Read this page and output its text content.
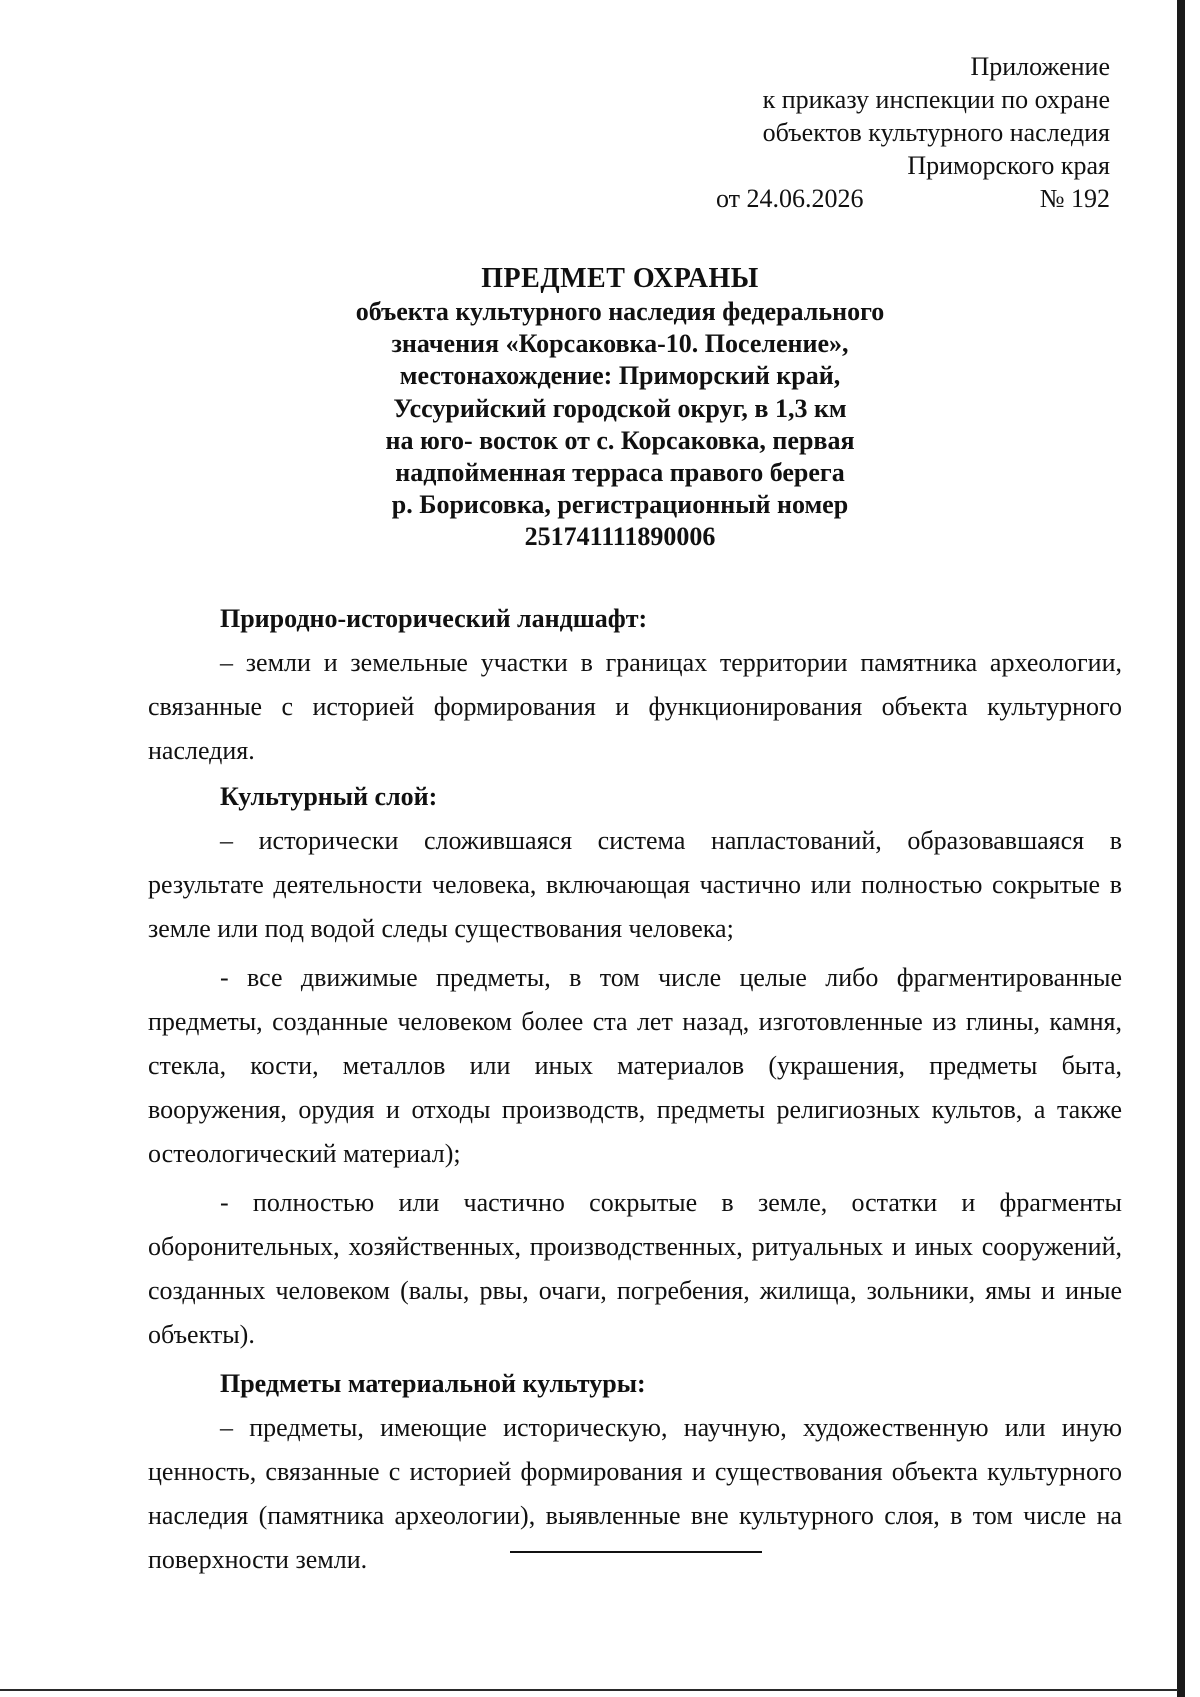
Приложение
к приказу инспекции по охране
объектов культурного наследия
Приморского края
от 24.06.2026	№ 192
ПРЕДМЕТ ОХРАНЫ
объекта культурного наследия федерального
значения «Корсаковка-10. Поселение»,
местонахождение: Приморский край,
Уссурийский городской округ, в 1,3 км
на юго- восток от с. Корсаковка, первая
надпойменная терраса правого берега
р. Борисовка, регистрационный номер
251741111890006
Природно-исторический ландшафт:

– земли и земельные участки в границах территории памятника археологии, связанные с историей формирования и функционирования объекта культурного наследия.

Культурный слой:

– исторически сложившаяся система напластований, образовавшаяся в результате деятельности человека, включающая частично или полностью сокрытые в земле или под водой следы существования человека;

- все движимые предметы, в том числе целые либо фрагментированные предметы, созданные человеком более ста лет назад, изготовленные из глины, камня, стекла, кости, металлов или иных материалов (украшения, предметы быта, вооружения, орудия и отходы производств, предметы религиозных культов, а также остеологический материал);

- полностью или частично сокрытые в земле, остатки и фрагменты оборонительных, хозяйственных, производственных, ритуальных и иных сооружений, созданных человеком (валы, рвы, очаги, погребения, жилища, зольники, ямы и иные объекты).

Предметы материальной культуры:

– предметы, имеющие историческую, научную, художественную или иную ценность, связанные с историей формирования и существования объекта культурного наследия (памятника археологии), выявленные вне культурного слоя, в том числе на поверхности земли.
